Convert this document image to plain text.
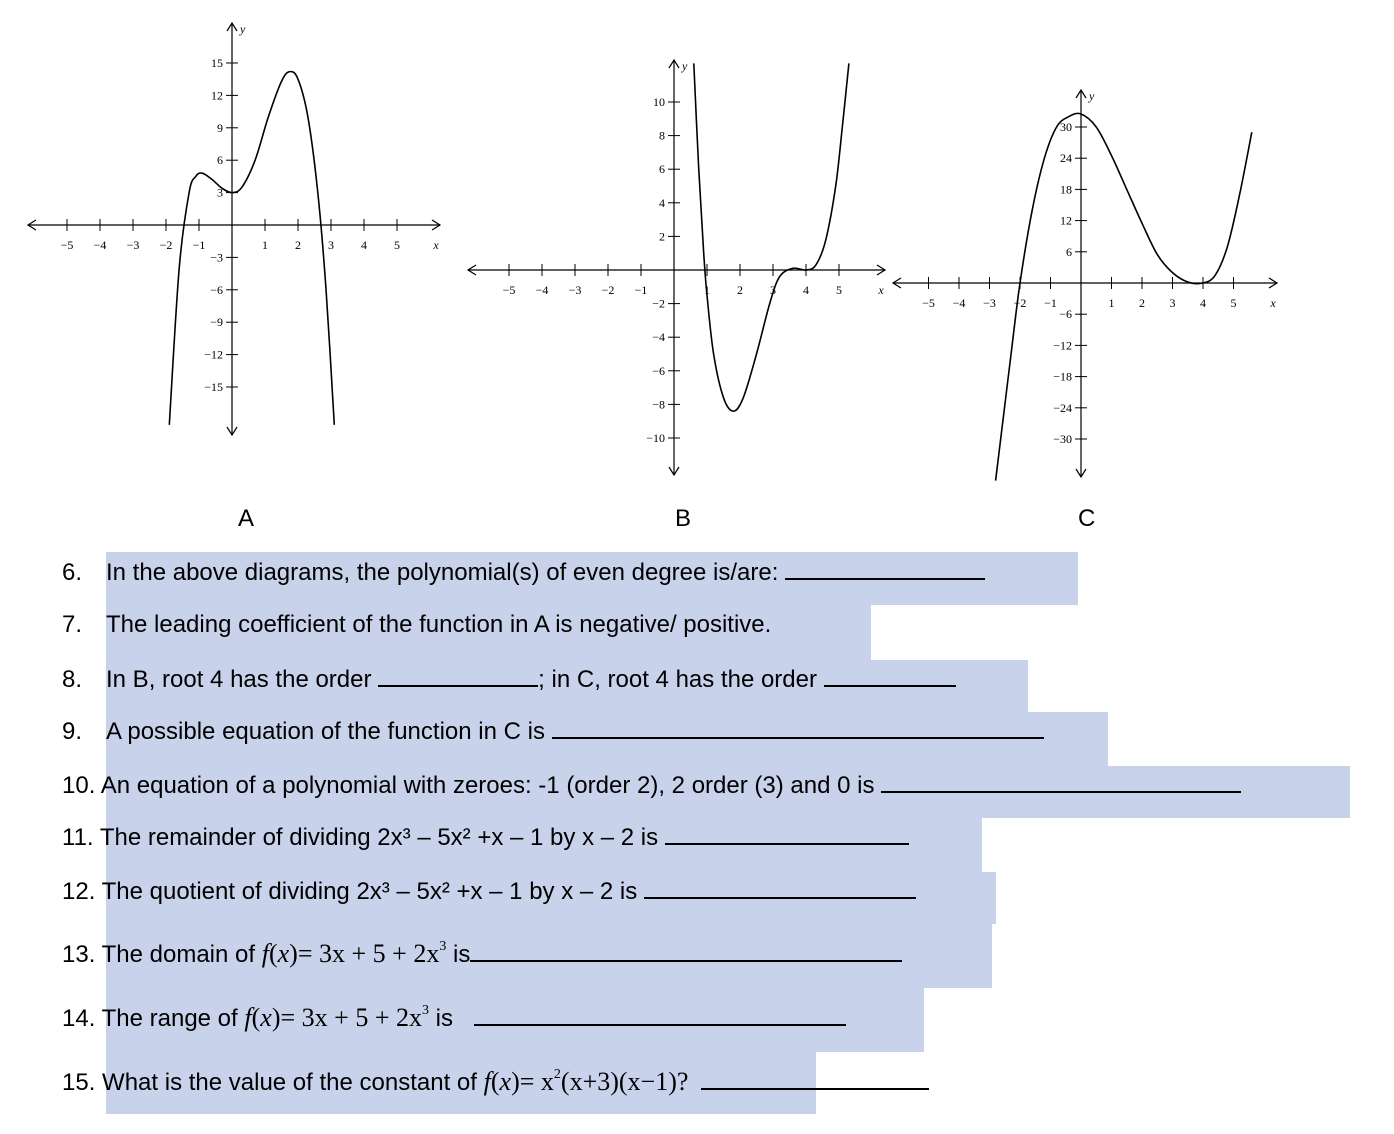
−5 −4 −3 −2 −1	1 2 3 4 5	x
15
12
9
6
3
−3
−6
−9
−12
−15
y
−5 −4 −3 −2 −1	1 2 3 4 5	x
10
8
6
4
2
−2
−4
−6
−8
−10
y
−5 −4 −3 −2 −1	1 2 3 4 5	x
30
24
18
12
6
−6
−12
−18
−24
−30
y
A	B	C
6. In the above diagrams, the polynomial(s) of even degree is/are:
7. The leading coefficient of the function in A is negative/ positive.
8. In B, root 4 has the order	; in C, root 4 has the order
9. A possible equation of the function in C is
10. An equation of a polynomial with zeroes: -1 (order 2), 2 order (3) and 0 is
11. The remainder of dividing 2x³ – 5x² +x – 1 by x – 2 is
12. The quotient of dividing 2x³ – 5x² +x – 1 by x – 2 is
13. The domain of $f(x)= 3x + 5 + 2x^3$ is
14. The range of $f(x)= 3x + 5 + 2x^3$ is
15. What is the value of the constant of $f(x)= x^2(x+3)(x-1)$?
